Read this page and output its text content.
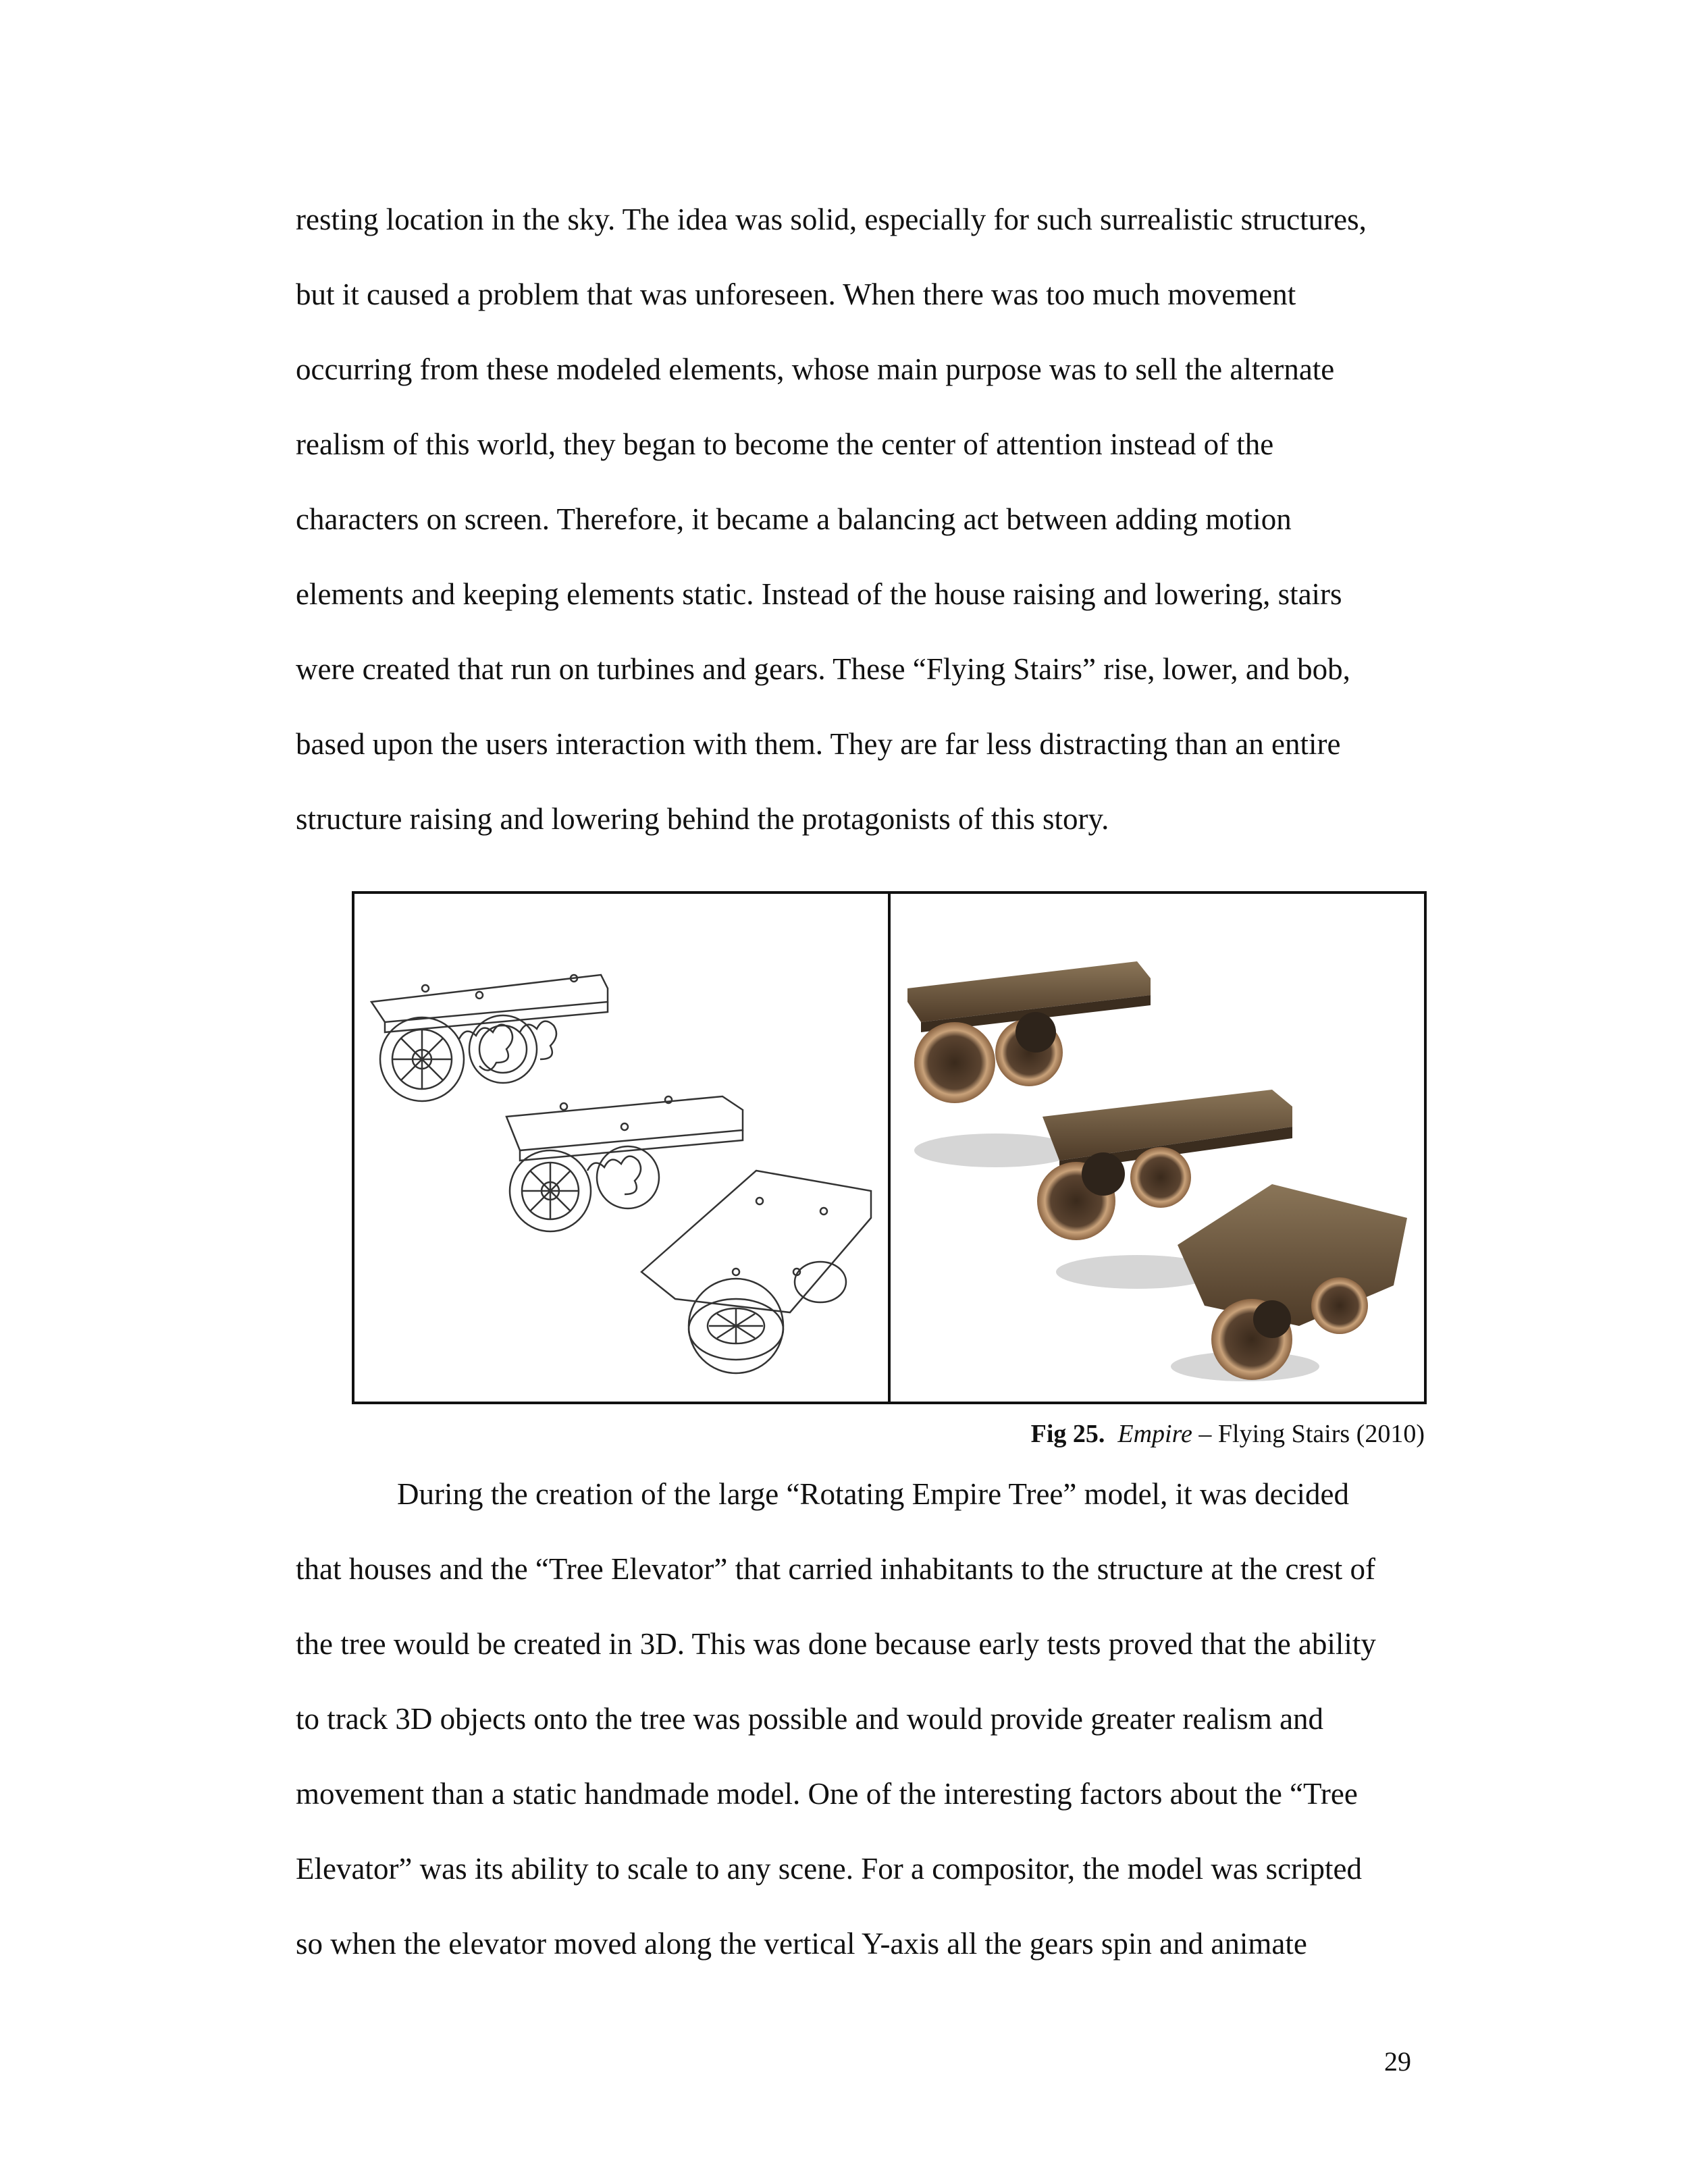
resting location in the sky. The idea was solid, especially for such surrealistic structures,
but it caused a problem that was unforeseen. When there was too much movement
occurring from these modeled elements, whose main purpose was to sell the alternate
realism of this world, they began to become the center of attention instead of the
characters on screen. Therefore, it became a balancing act between adding motion
elements and keeping elements static. Instead of the house raising and lowering, stairs
were created that run on turbines and gears. These “Flying Stairs” rise, lower, and bob,
based upon the users interaction with them. They are far less distracting than an entire
structure raising and lowering behind the protagonists of this story.
Fig 25. Empire – Flying Stairs (2010)
During the creation of the large “Rotating Empire Tree” model, it was decided
that houses and the “Tree Elevator” that carried inhabitants to the structure at the crest of
the tree would be created in 3D. This was done because early tests proved that the ability
to track 3D objects onto the tree was possible and would provide greater realism and
movement than a static handmade model. One of the interesting factors about the “Tree
Elevator” was its ability to scale to any scene. For a compositor, the model was scripted
so when the elevator moved along the vertical Y-axis all the gears spin and animate
29
